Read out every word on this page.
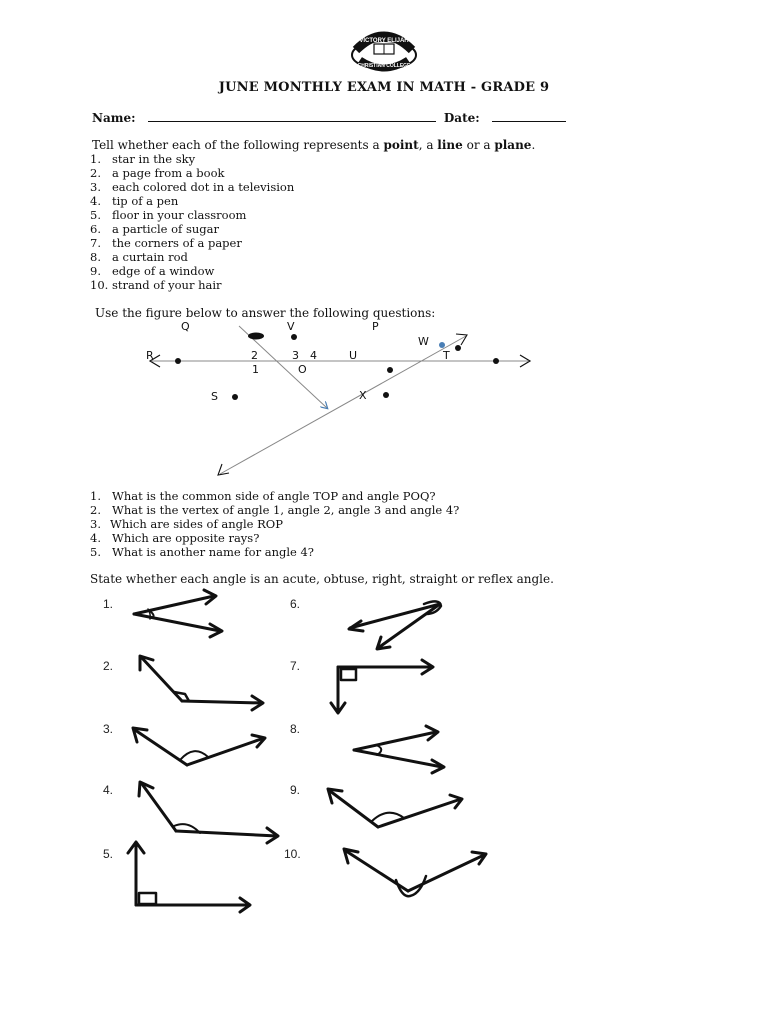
VICTORY ELIJAH
CHRISTIAN COLLEGE
JUNE MONTHLY EXAM IN MATH - GRADE 9
Name:	Date:
Tell whether each of the following represents a point, a line or a plane.
1. star in the sky
2. a page from a book
3. each colored dot in a television
4. tip of a pen
5. floor in your classroom
6. a particle of sugar
7. the corners of a paper
8. a curtain rod
9. edge of a window
10. strand of your hair
Use the figure below to answer the following questions:
Q	V	P
W
R	2	3 4	U	T
1	O
S	X
1. What is the common side of angle TOP and angle POQ?
2. What is the vertex of angle 1, angle 2, angle 3 and angle 4?
3. Which are sides of angle ROP
4. Which are opposite rays?
5. What is another name for angle 4?
State whether each angle is an acute, obtuse, right, straight or reflex angle.
1.
2.
3.
4.
5.
6.
7.
8.
9.
10.
